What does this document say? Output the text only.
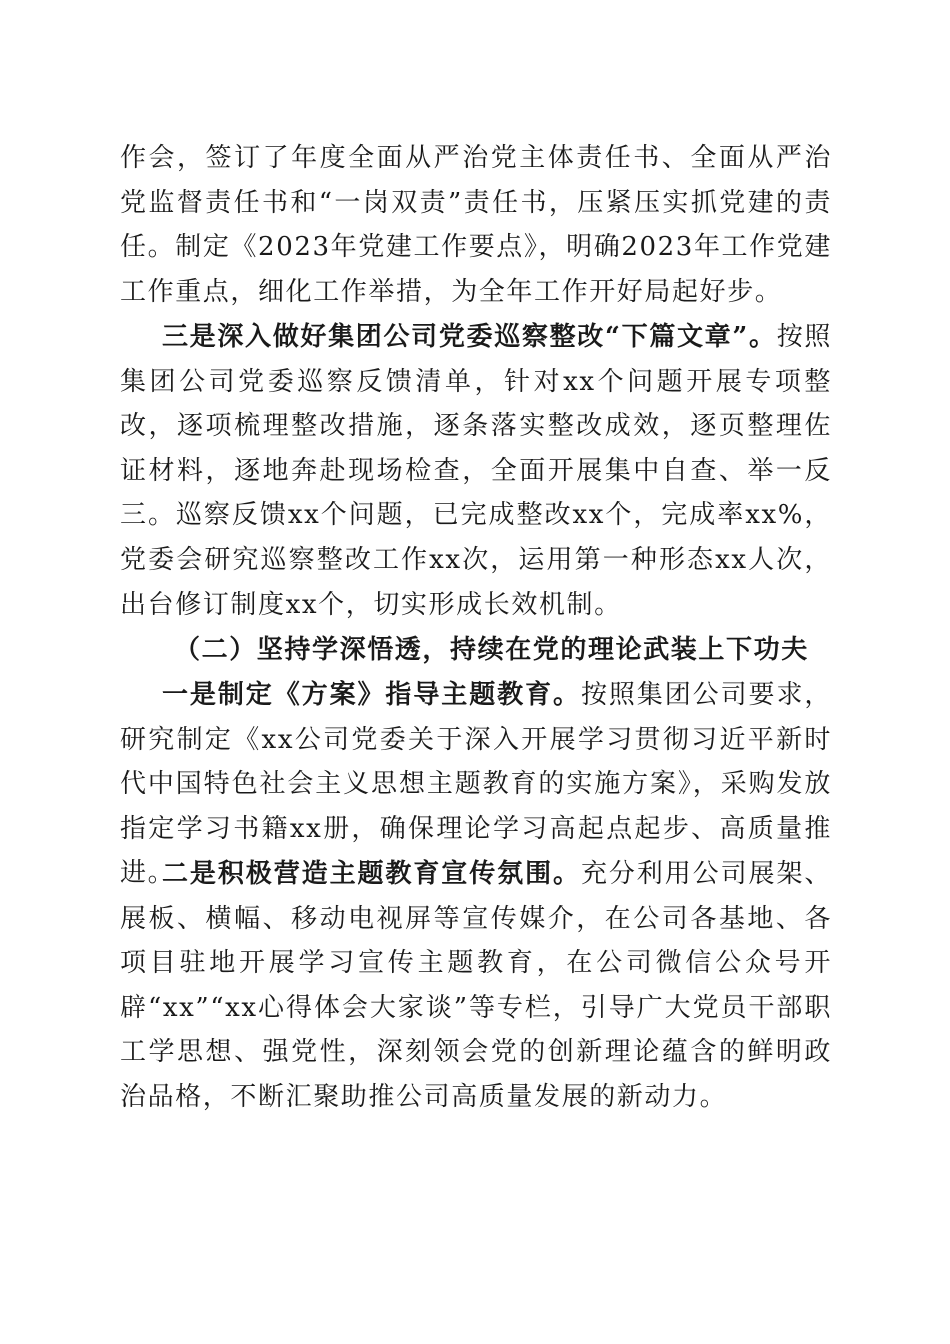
作会，签订了年度全面从严治党主体责任书、全面从严治党监督责任书和“一岗双责”责任书，压紧压实抓党建的责任。制定《2023年党建工作要点》，明确2023年工作党建工作重点，细化工作举措，为全年工作开好局起好步。

三是深入做好集团公司党委巡察整改“下篇文章”。按照集团公司党委巡察反馈清单，针对xx个问题开展专项整改，逐项梳理整改措施，逐条落实整改成效，逐页整理佐证材料，逐地奔赴现场检查，全面开展集中自查、举一反三。巡察反馈xx个问题，已完成整改xx个，完成率xx%，党委会研究巡察整改工作xx次，运用第一种形态xx人次，出台修订制度xx个，切实形成长效机制。

（二）坚持学深悟透，持续在党的理论武装上下功夫

一是制定《方案》指导主题教育。按照集团公司要求，研究制定《xx公司党委关于深入开展学习贯彻习近平新时代中国特色社会主义思想主题教育的实施方案》，采购发放指定学习书籍xx册，确保理论学习高起点起步、高质量推进。

二是积极营造主题教育宣传氛围。充分利用公司展架、展板、横幅、移动电视屏等宣传媒介，在公司各基地、各项目驻地开展学习宣传主题教育，在公司微信公众号开辟“xx”“xx心得体会大家谈”等专栏，引导广大党员干部职工学思想、强党性，深刻领会党的创新理论蕴含的鲜明政治品格，不断汇聚助推公司高质量发展的新动力。
